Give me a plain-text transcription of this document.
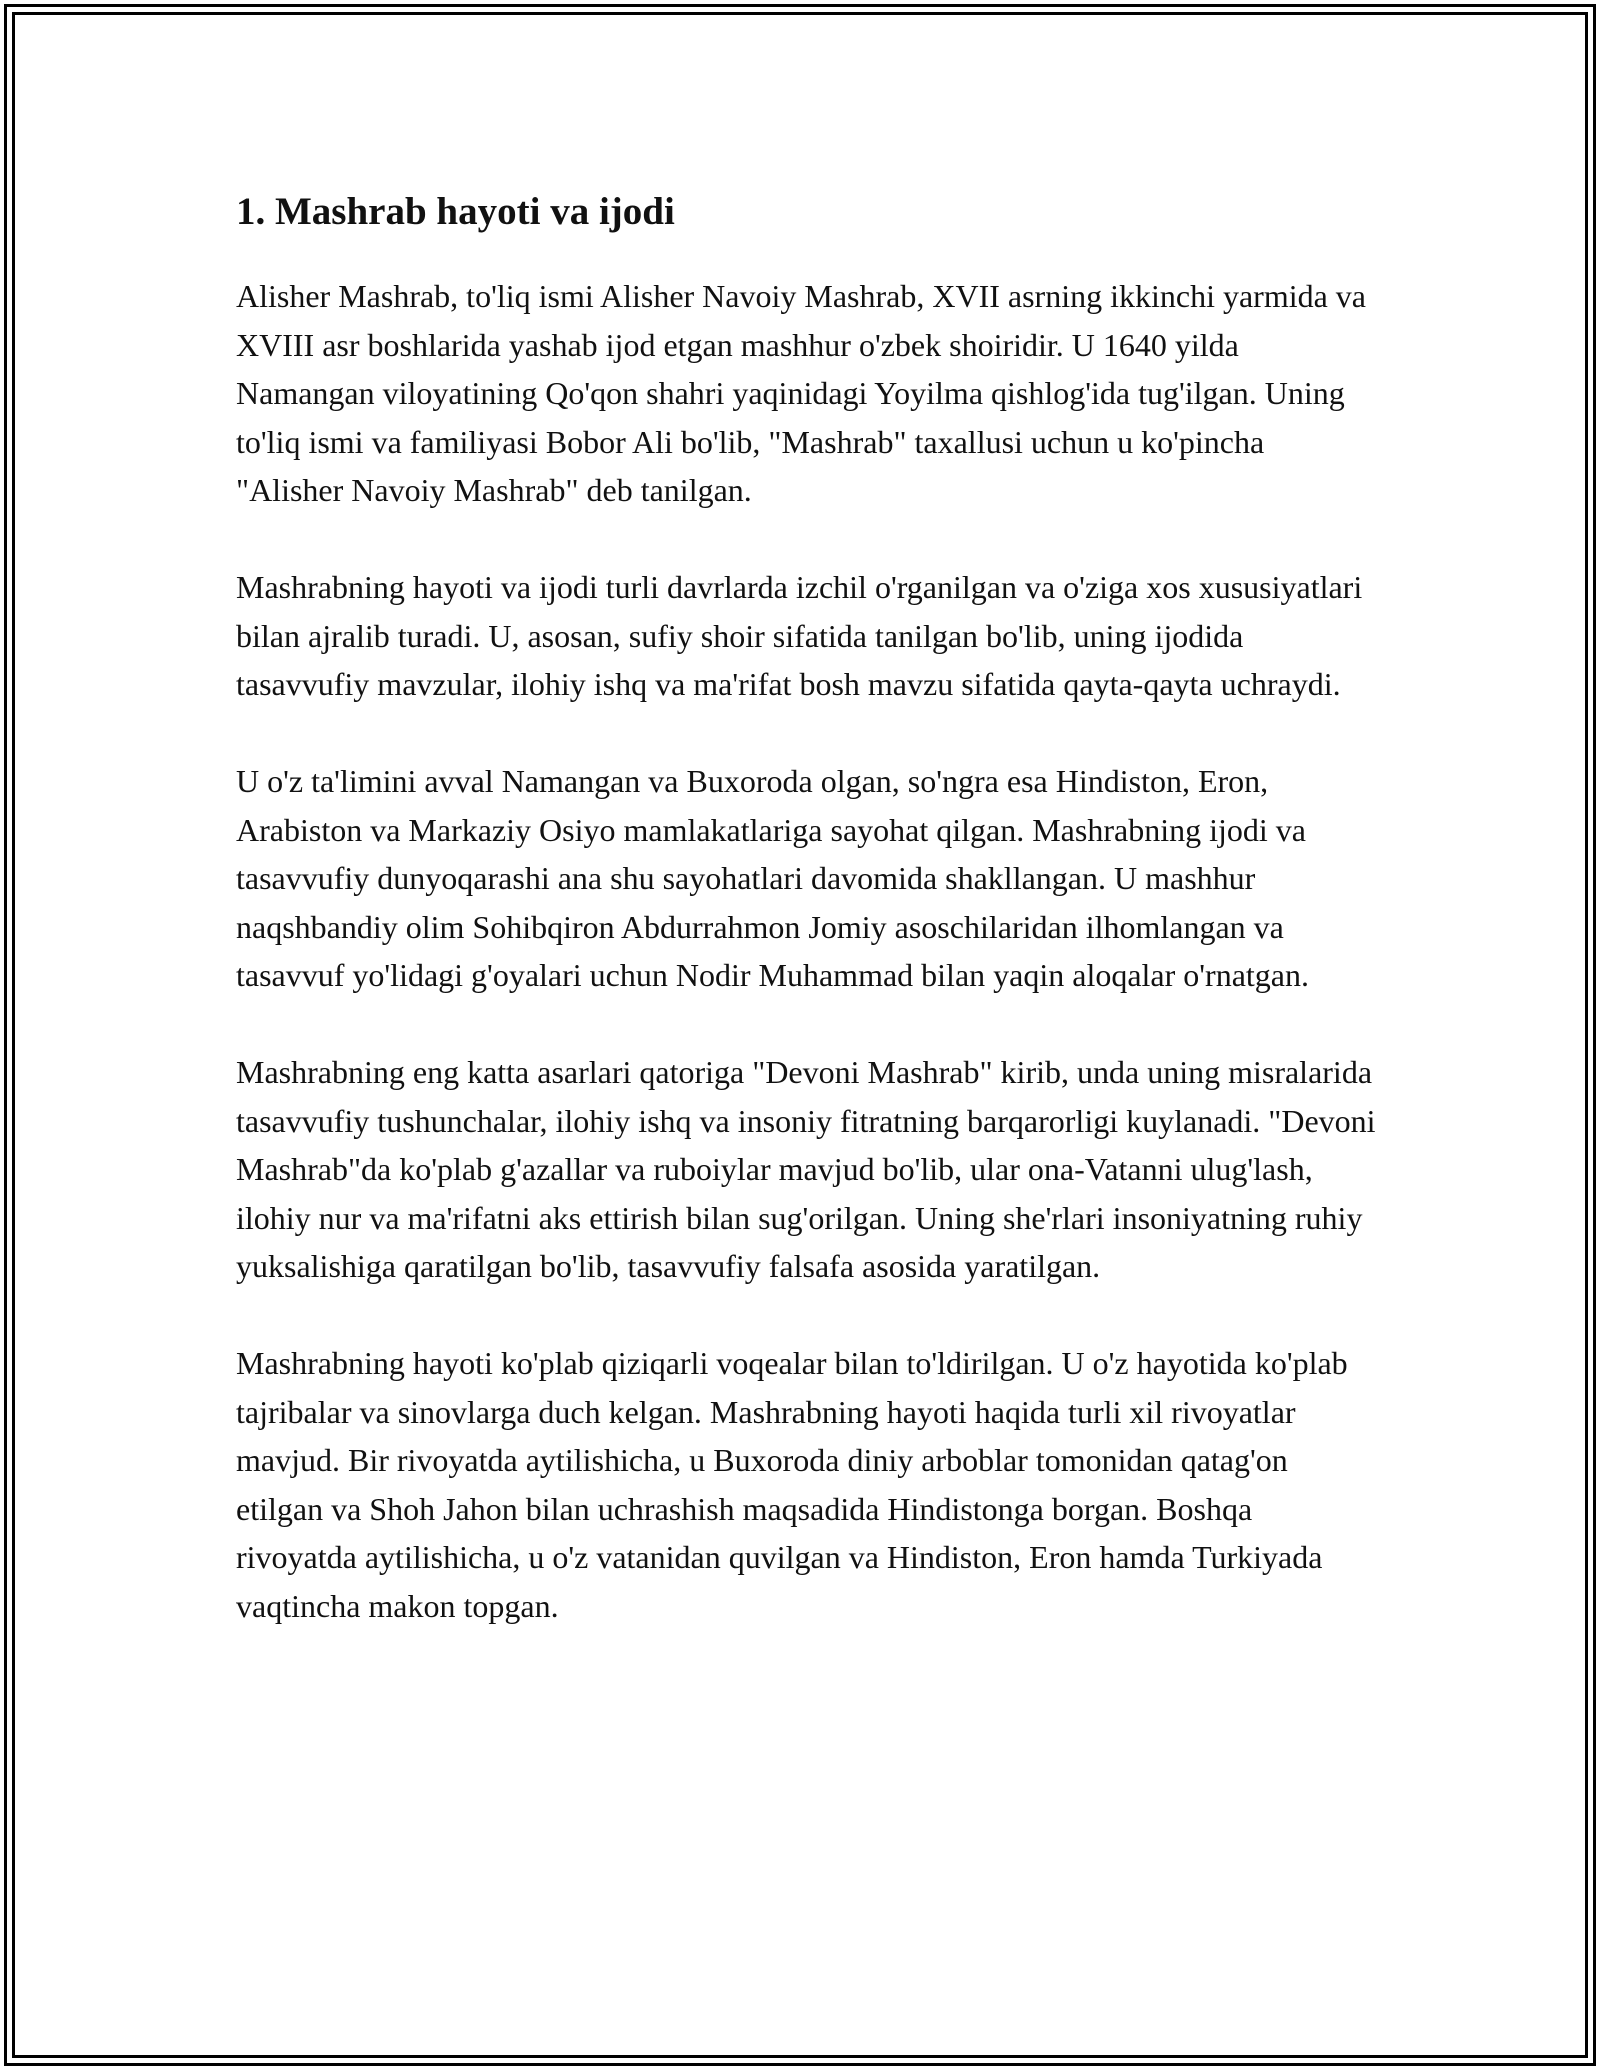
1. Mashrab hayoti va ijodi

Alisher Mashrab, to'liq ismi Alisher Navoiy Mashrab, XVII asrning ikkinchi yarmida va XVIII asr boshlarida yashab ijod etgan mashhur o'zbek shoiridir. U 1640 yilda Namangan viloyatining Qo'qon shahri yaqinidagi Yoyilma qishlog'ida tug'ilgan. Uning to'liq ismi va familiyasi Bobor Ali bo'lib, "Mashrab" taxallusi uchun u ko'pincha "Alisher Navoiy Mashrab" deb tanilgan.

Mashrabning hayoti va ijodi turli davrlarda izchil o'rganilgan va o'ziga xos xususiyatlari bilan ajralib turadi. U, asosan, sufiy shoir sifatida tanilgan bo'lib, uning ijodida tasavvufiy mavzular, ilohiy ishq va ma'rifat bosh mavzu sifatida qayta-qayta uchraydi.

U o'z ta'limini avval Namangan va Buxoroda olgan, so'ngra esa Hindiston, Eron, Arabiston va Markaziy Osiyo mamlakatlariga sayohat qilgan. Mashrabning ijodi va tasavvufiy dunyoqarashi ana shu sayohatlari davomida shakllangan. U mashhur naqshbandiy olim Sohibqiron Abdurrahmon Jomiy asoschilaridan ilhomlangan va tasavvuf yo'lidagi g'oyalari uchun Nodir Muhammad bilan yaqin aloqalar o'rnatgan.

Mashrabning eng katta asarlari qatoriga "Devoni Mashrab" kirib, unda uning misralarida tasavvufiy tushunchalar, ilohiy ishq va insoniy fitratning barqarorligi kuylanadi. "Devoni Mashrab"da ko'plab g'azallar va ruboiylar mavjud bo'lib, ular ona-Vatanni ulug'lash, ilohiy nur va ma'rifatni aks ettirish bilan sug'orilgan. Uning she'rlari insoniyatning ruhiy yuksalishiga qaratilgan bo'lib, tasavvufiy falsafa asosida yaratilgan.

Mashrabning hayoti ko'plab qiziqarli voqealar bilan to'ldirilgan. U o'z hayotida ko'plab tajribalar va sinovlarga duch kelgan. Mashrabning hayoti haqida turli xil rivoyatlar mavjud. Bir rivoyatda aytilishicha, u Buxoroda diniy arboblar tomonidan qatag'on etilgan va Shoh Jahon bilan uchrashish maqsadida Hindistonga borgan. Boshqa rivoyatda aytilishicha, u o'z vatanidan quvilgan va Hindiston, Eron hamda Turkiyada vaqtincha makon topgan.
